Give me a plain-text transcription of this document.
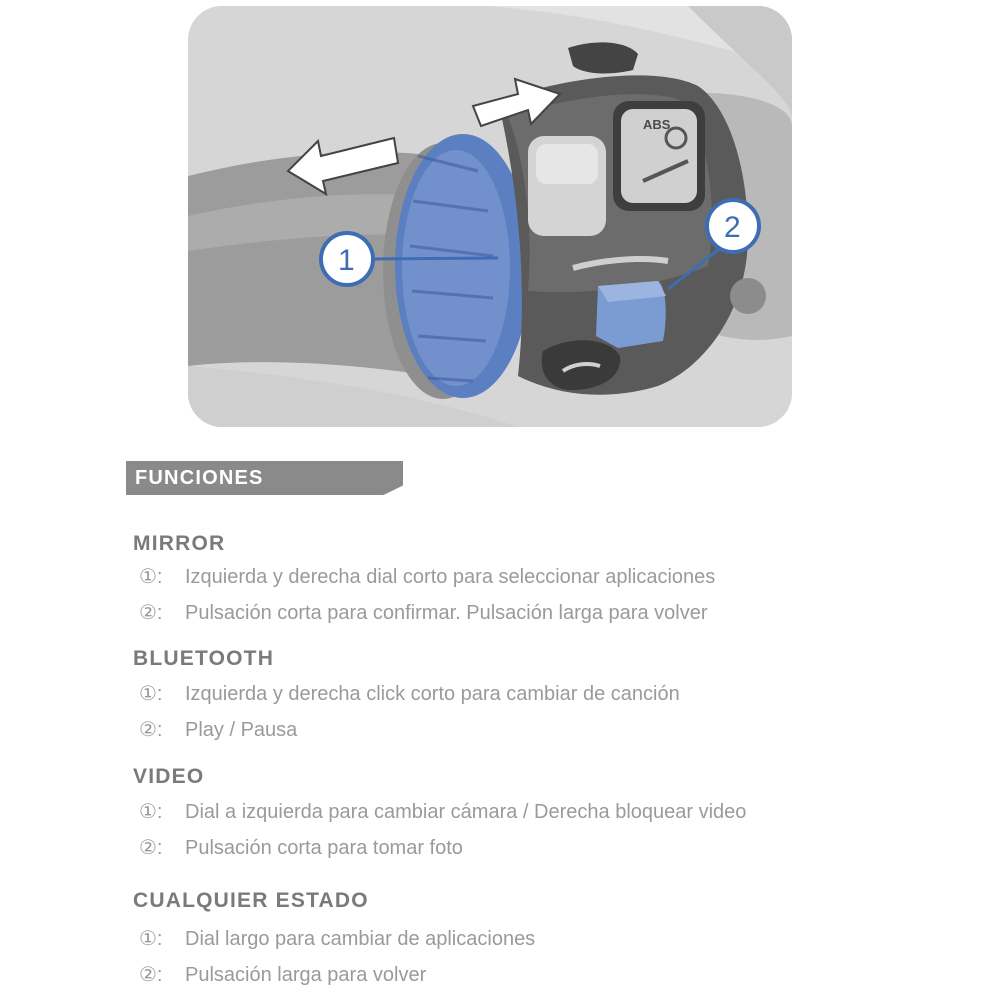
ABS
1
2
FUNCIONES
MIRROR
①: Izquierda y derecha dial corto para seleccionar aplicaciones
②: Pulsación corta para confirmar. Pulsación larga para volver
BLUETOOTH
①: Izquierda y derecha click corto para cambiar de canción
②: Play / Pausa
VIDEO
①: Dial a izquierda para cambiar cámara / Derecha bloquear video
②: Pulsación corta para tomar foto
CUALQUIER ESTADO
①: Dial largo para cambiar de aplicaciones
②: Pulsación larga para volver
